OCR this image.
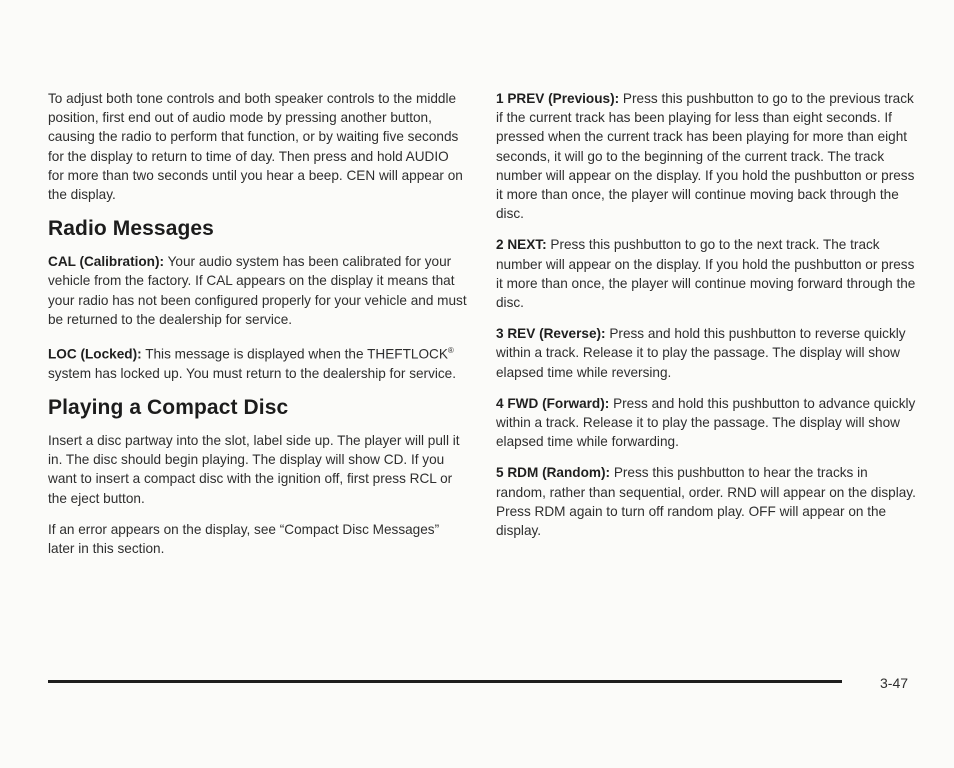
To adjust both tone controls and both speaker controls to the middle position, first end out of audio mode by pressing another button, causing the radio to perform that function, or by waiting five seconds for the display to return to time of day. Then press and hold AUDIO for more than two seconds until you hear a beep. CEN will appear on the display.

Radio Messages

CAL (Calibration): Your audio system has been calibrated for your vehicle from the factory. If CAL appears on the display it means that your radio has not been configured properly for your vehicle and must be returned to the dealership for service.

LOC (Locked): This message is displayed when the THEFTLOCK® system has locked up. You must return to the dealership for service.

Playing a Compact Disc

Insert a disc partway into the slot, label side up. The player will pull it in. The disc should begin playing. The display will show CD. If you want to insert a compact disc with the ignition off, first press RCL or the eject button.

If an error appears on the display, see “Compact Disc Messages” later in this section.

1 PREV (Previous): Press this pushbutton to go to the previous track if the current track has been playing for less than eight seconds. If pressed when the current track has been playing for more than eight seconds, it will go to the beginning of the current track. The track number will appear on the display. If you hold the pushbutton or press it more than once, the player will continue moving back through the disc.

2 NEXT: Press this pushbutton to go to the next track. The track number will appear on the display. If you hold the pushbutton or press it more than once, the player will continue moving forward through the disc.

3 REV (Reverse): Press and hold this pushbutton to reverse quickly within a track. Release it to play the passage. The display will show elapsed time while reversing.

4 FWD (Forward): Press and hold this pushbutton to advance quickly within a track. Release it to play the passage. The display will show elapsed time while forwarding.

5 RDM (Random): Press this pushbutton to hear the tracks in random, rather than sequential, order. RND will appear on the display. Press RDM again to turn off random play. OFF will appear on the display.

3-47
